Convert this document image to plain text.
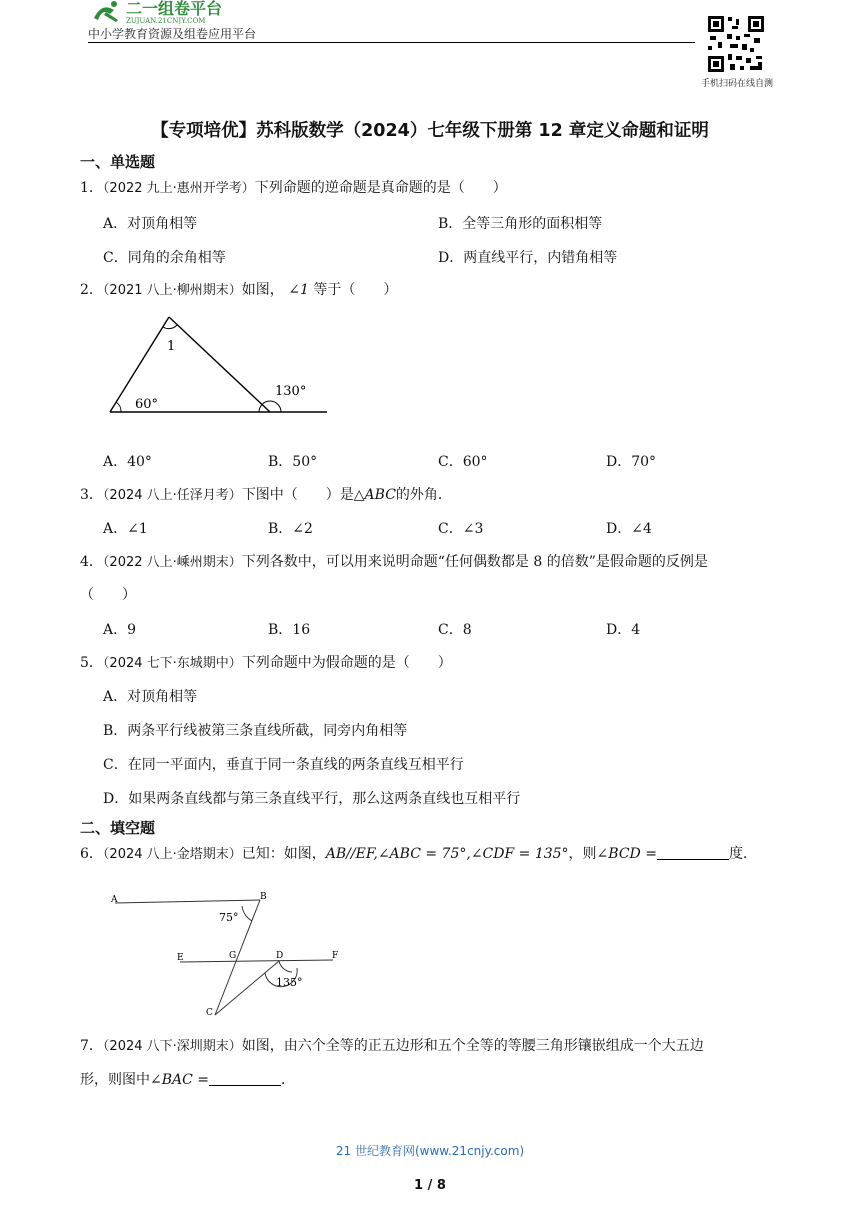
二一组卷平台
ZUJUAN.21CNJY.COM
中小学教育资源及组卷应用平台
手机扫码在线自测
【专项培优】苏科版数学（2024）七年级下册第 12 章定义命题和证明
一、单选题
1．（2022 九上·惠州开学考）下列命题的逆命题是真命题的是（　　）
A．对顶角相等	B．全等三角形的面积相等
C．同角的余角相等	D．两直线平行，内错角相等
2．（2021 八上·柳州期末）如图， ∠1 等于（　　）
1
60°
130°
A．40°	B．50°	C．60°	D．70°
3．（2024 八上·任泽月考）下图中（　　）是△ABC的外角．
A．∠1	B．∠2	C．∠3	D．∠4
4．（2022 八上·嵊州期末）下列各数中，可以用来说明命题“任何偶数都是 8 的倍数”是假命题的反例是
（　　）
A．9	B．16	C．8	D．4
5．（2024 七下·东城期中）下列命题中为假命题的是（　　）
A．对顶角相等
B．两条平行线被第三条直线所截，同旁内角相等
C．在同一平面内，垂直于同一条直线的两条直线互相平行
D．如果两条直线都与第三条直线平行，那么这两条直线也互相平行
二、填空题
6．（2024 八上·金塔期末）已知：如图，AB//EF,∠ABC = 75°,∠CDF = 135°，则∠BCD =	度．
A	B
E	G	D	F
C
75°
135°
7．（2024 八下·深圳期末）如图，由六个全等的正五边形和五个全等的等腰三角形镶嵌组成一个大五边
形，则图中∠BAC =	．
21 世纪教育网(www.21cnjy.com)
1 / 8
